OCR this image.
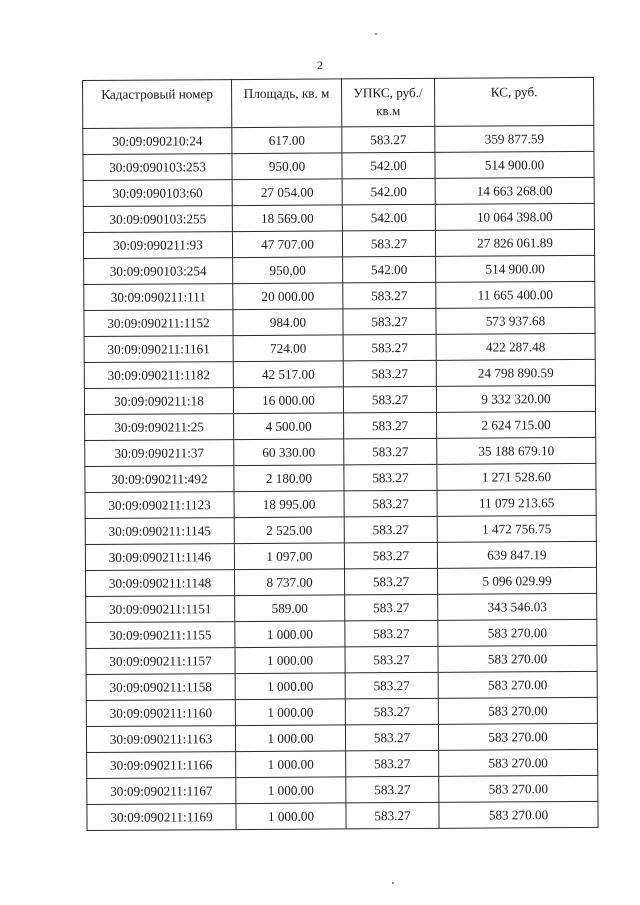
2
Кадастровый номер	Площадь, кв. м	УПКС, руб./кв.м	КС, руб.
30:09:090210:24	617.00	583.27	359 877.59
30:09:090103:253	950.00	542.00	514 900.00
30:09:090103:60	27 054.00	542.00	14 663 268.00
30:09:090103:255	18 569.00	542.00	10 064 398.00
30:09:090211:93	47 707.00	583.27	27 826 061.89
30:09:090103:254	950,00	542.00	514 900.00
30:09:090211:111	20 000.00	583.27	11 665 400.00
30:09:090211:1152	984.00	583.27	573 937.68
30:09:090211:1161	724.00	583.27	422 287.48
30:09:090211:1182	42 517.00	583.27	24 798 890.59
30:09:090211:18	16 000.00	583.27	9 332 320.00
30:09:090211:25	4 500.00	583.27	2 624 715.00
30:09:090211:37	60 330.00	583.27	35 188 679.10
30:09:090211:492	2 180.00	583.27	1 271 528.60
30:09:090211:1123	18 995.00	583.27	11 079 213.65
30:09:090211:1145	2 525.00	583.27	1 472 756.75
30:09:090211:1146	1 097.00	583.27	639 847.19
30:09:090211:1148	8 737.00	583.27	5 096 029.99
30:09:090211:1151	589.00	583.27	343 546.03
30:09:090211:1155	1 000.00	583.27	583 270.00
30:09:090211:1157	1 000.00	583.27	583 270.00
30:09:090211:1158	1 000.00	583.27	583 270.00
30:09:090211:1160	1 000.00	583.27	583 270.00
30:09:090211:1163	1 000.00	583.27	583 270.00
30:09:090211:1166	1 000.00	583.27	583 270.00
30:09:090211:1167	1 000.00	583.27	583 270.00
30:09:090211:1169	1 000.00	583.27	583 270.00
